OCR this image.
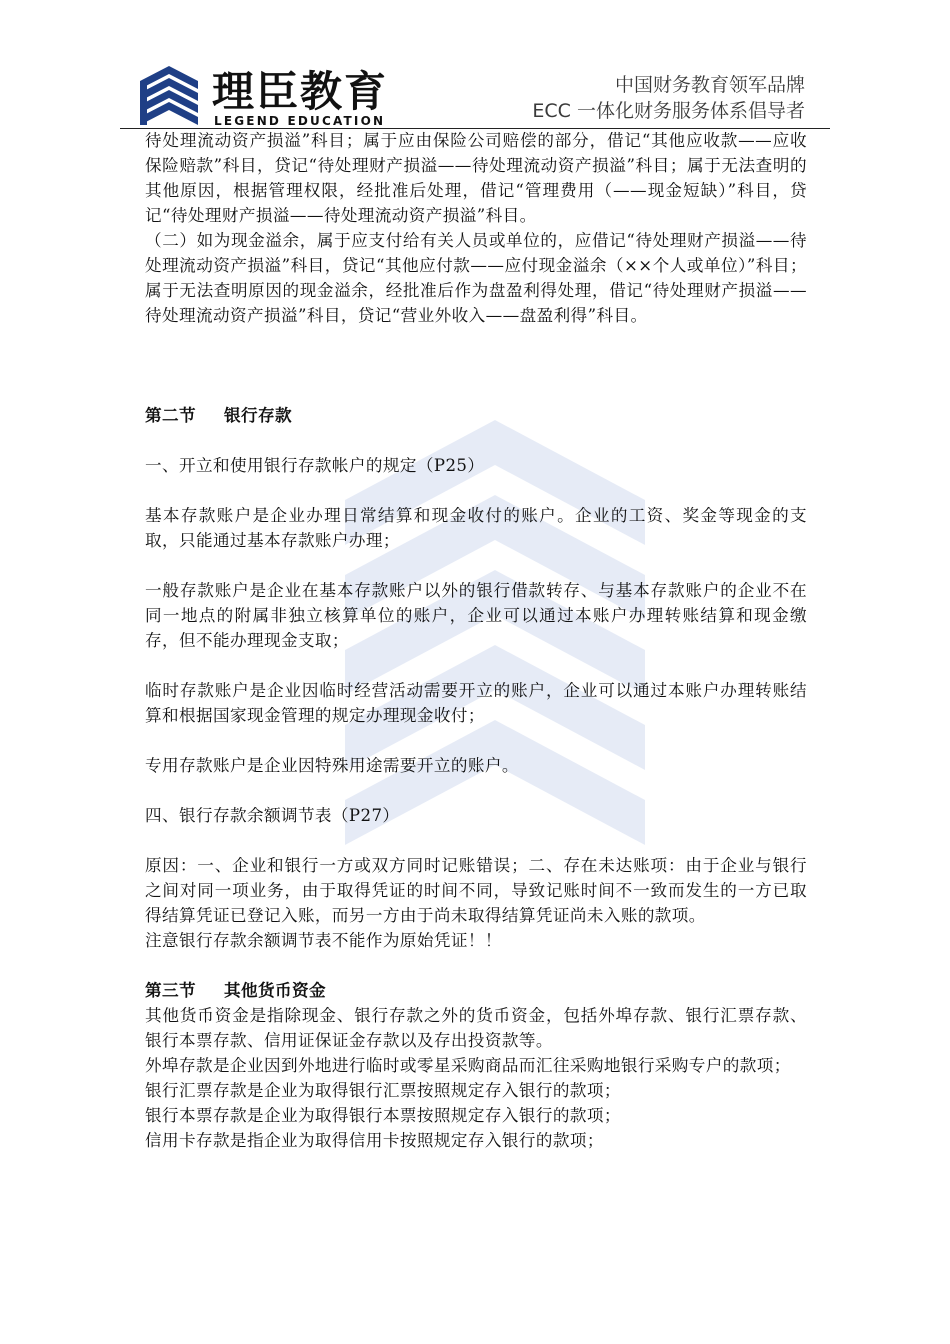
理臣教育
LEGEND EDUCATION
中国财务教育领军品牌
ECC 一体化财务服务体系倡导者

待处理流动资产损溢”科目；属于应由保险公司赔偿的部分，借记“其他应收款——应收保险赔款”科目，贷记“待处理财产损溢——待处理流动资产损溢”科目；属于无法查明的其他原因，根据管理权限，经批准后处理，借记“管理费用（——现金短缺）”科目，贷记“待处理财产损溢——待处理流动资产损溢”科目。

（二）如为现金溢余，属于应支付给有关人员或单位的，应借记“待处理财产损溢——待处理流动资产损溢”科目，贷记“其他应付款——应付现金溢余（××个人或单位）”科目；属于无法查明原因的现金溢余，经批准后作为盘盈利得处理，借记“待处理财产损溢——待处理流动资产损溢”科目，贷记“营业外收入——盘盈利得”科目。

第二节 银行存款

一、开立和使用银行存款帐户的规定（P25）

基本存款账户是企业办理日常结算和现金收付的账户。企业的工资、奖金等现金的支取，只能通过基本存款账户办理；

一般存款账户是企业在基本存款账户以外的银行借款转存、与基本存款账户的企业不在同一地点的附属非独立核算单位的账户，企业可以通过本账户办理转账结算和现金缴存，但不能办理现金支取；

临时存款账户是企业因临时经营活动需要开立的账户，企业可以通过本账户办理转账结算和根据国家现金管理的规定办理现金收付；

专用存款账户是企业因特殊用途需要开立的账户。

四、银行存款余额调节表（P27）

原因：一、企业和银行一方或双方同时记账错误；二、存在未达账项：由于企业与银行之间对同一项业务，由于取得凭证的时间不同，导致记账时间不一致而发生的一方已取得结算凭证已登记入账，而另一方由于尚未取得结算凭证尚未入账的款项。

注意银行存款余额调节表不能作为原始凭证！！

第三节 其他货币资金

其他货币资金是指除现金、银行存款之外的货币资金，包括外埠存款、银行汇票存款、银行本票存款、信用证保证金存款以及存出投资款等。

外埠存款是企业因到外地进行临时或零星采购商品而汇往采购地银行采购专户的款项；

银行汇票存款是企业为取得银行汇票按照规定存入银行的款项；

银行本票存款是企业为取得银行本票按照规定存入银行的款项；

信用卡存款是指企业为取得信用卡按照规定存入银行的款项；
